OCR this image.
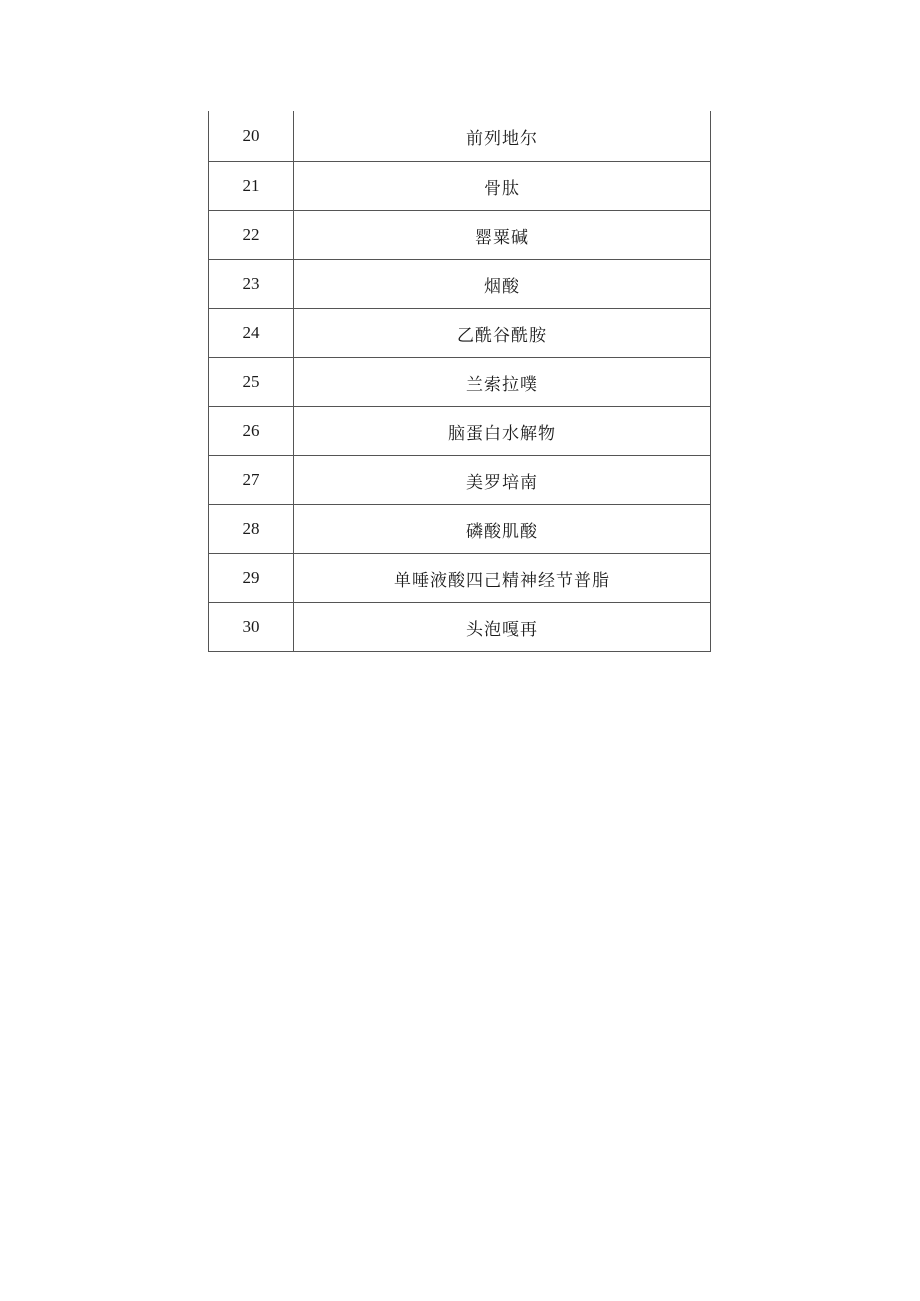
20	前列地尔
21	骨肽
22	罂粟碱
23	烟酸
24	乙酰谷酰胺
25	兰索拉噗
26	脑蛋白水解物
27	美罗培南
28	磷酸肌酸
29	单唾液酸四己精神经节普脂
30	头泡嘎再
